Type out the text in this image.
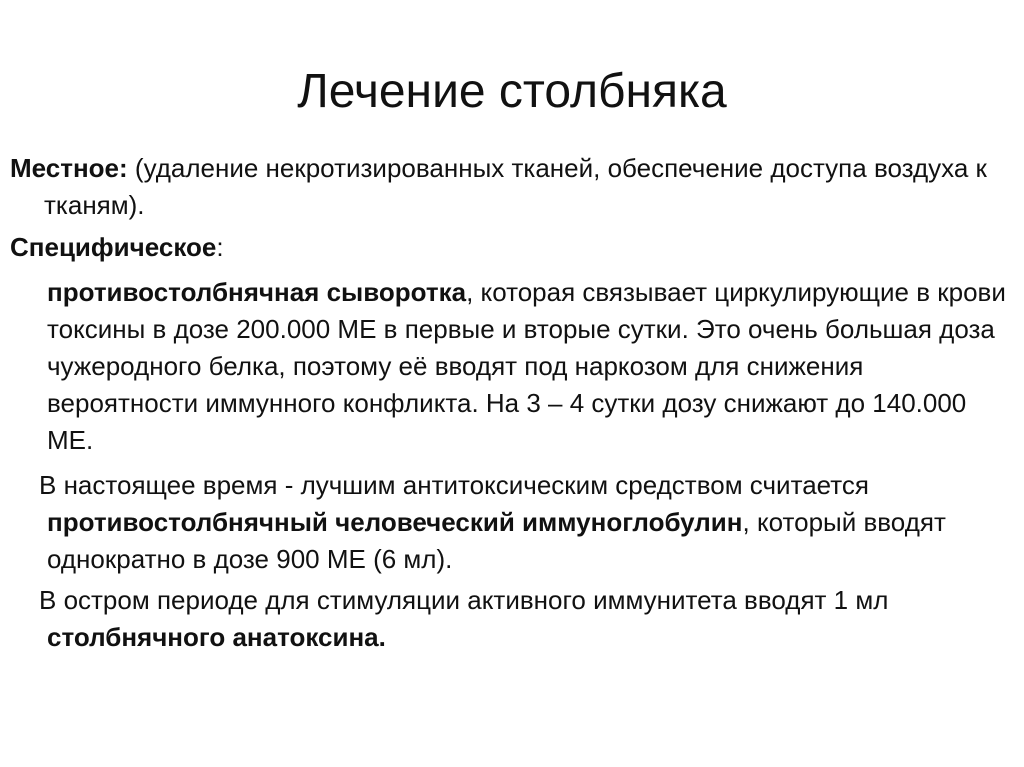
Лечение столбняка

Местное: (удаление некротизированных тканей, обеспечение доступа воздуха к тканям).

Специфическое:

противостолбнячная сыворотка, которая связывает циркулирующие в крови токсины в дозе 200.000 МЕ в первые и вторые сутки. Это очень большая доза чужеродного белка, поэтому её вводят под наркозом для снижения вероятности иммунного конфликта. На 3 – 4 сутки дозу снижают до 140.000 МЕ.

В настоящее время - лучшим антитоксическим средством считается противостолбнячный человеческий иммуноглобулин, который вводят однократно в дозе 900 МЕ (6 мл).

В остром периоде для стимуляции активного иммунитета вводят 1 мл столбнячного анатоксина.
